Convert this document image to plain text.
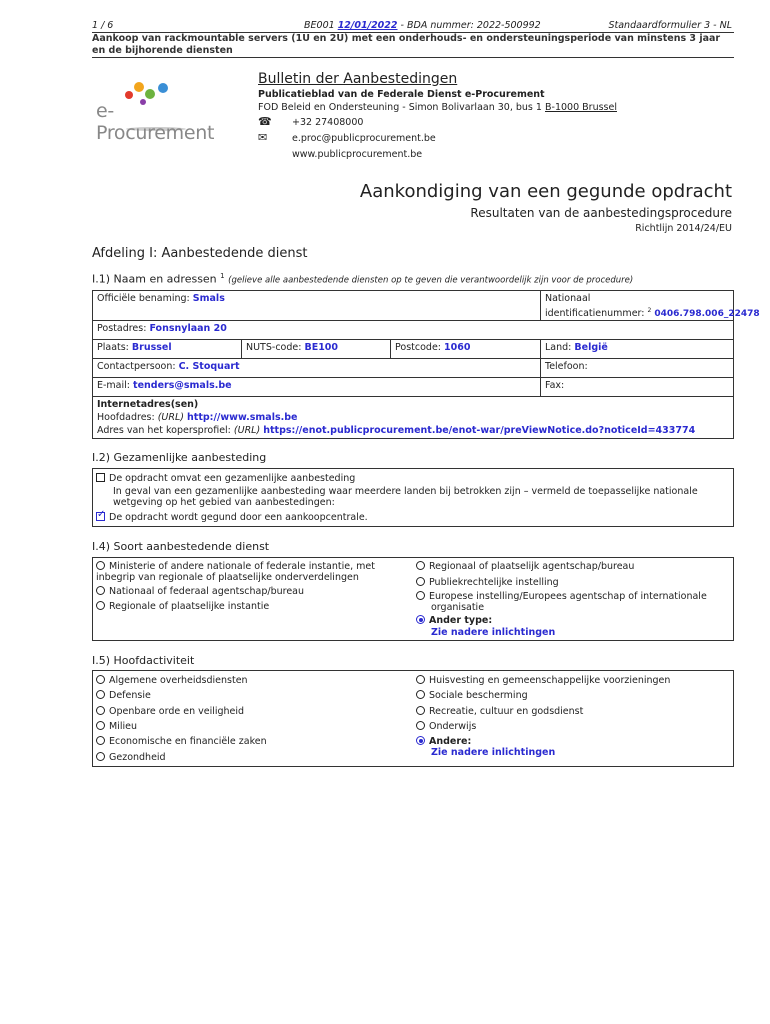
1 / 6	BE001 12/01/2022 - BDA nummer: 2022-500992	Standaardformulier 3 - NL
Aankoop van rackmountable servers (1U en 2U) met een onderhouds- en ondersteuningsperiode van minstens 3 jaar en de bijhorende diensten
e-Procurement
Bulletin der Aanbestedingen
Publicatieblad van de Federale Dienst e-Procurement
FOD Beleid en Ondersteuning - Simon Bolivarlaan 30, bus 1 B-1000 Brussel
☎ +32 27408000
✉	e.proc@publicprocurement.be
www.publicprocurement.be
Aankondiging van een gegunde opdracht
Resultaten van de aanbestedingsprocedure
Richtlijn 2014/24/EU
Afdeling I: Aanbestedende dienst
I.1) Naam en adressen $^1$ (gelieve alle aanbestedende diensten op te geven die verantwoordelijk zijn voor de procedure)
Officiële benaming: Smals	Nationaal
identificatienummer: $^2$ 0406.798.006_22478
Postadres: Fonsnylaan 20
Plaats: Brussel	NUTS-code: BE100	Postcode: 1060	Land: België
Contactpersoon: C. Stoquart	Telefoon:
E-mail: tenders@smals.be	Fax:
Internetadres(sen)
Hoofdadres: (URL) http://www.smals.be
Adres van het kopersprofiel: (URL) https://enot.publicprocurement.be/enot-war/preViewNotice.do?noticeId=433774
I.2) Gezamenlijke aanbesteding
De opdracht omvat een gezamenlijke aanbesteding
In geval van een gezamenlijke aanbesteding waar meerdere landen bij betrokken zijn – vermeld de toepasselijke nationale wetgeving op het gebied van aanbestedingen:
✓De opdracht wordt gegund door een aankoopcentrale.
I.4) Soort aanbestedende dienst
Ministerie of andere nationale of federale instantie, met inbegrip van regionale of plaatselijke onderverdelingen
Nationaal of federaal agentschap/bureau
Regionale of plaatselijke instantie
Regionaal of plaatselijk agentschap/bureau
Publiekrechtelijke instelling
Europese instelling/Europees agentschap of internationale organisatie
Ander type:
Zie nadere inlichtingen
I.5) Hoofdactiviteit
Algemene overheidsdiensten
Defensie
Openbare orde en veiligheid
Milieu
Economische en financiële zaken
Gezondheid
Huisvesting en gemeenschappelijke voorzieningen
Sociale bescherming
Recreatie, cultuur en godsdienst
Onderwijs
Andere:
Zie nadere inlichtingen
